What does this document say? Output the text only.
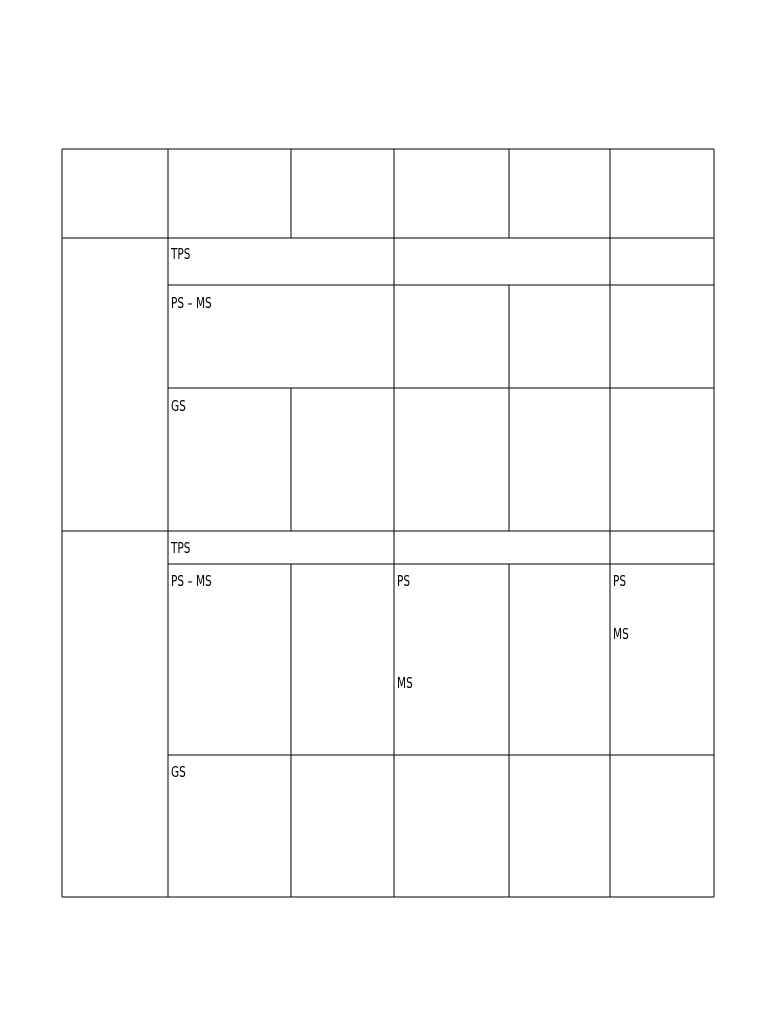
TPS
PS – MS
GS
TPS
PS – MS
GS
PS
MS
PS
MS
